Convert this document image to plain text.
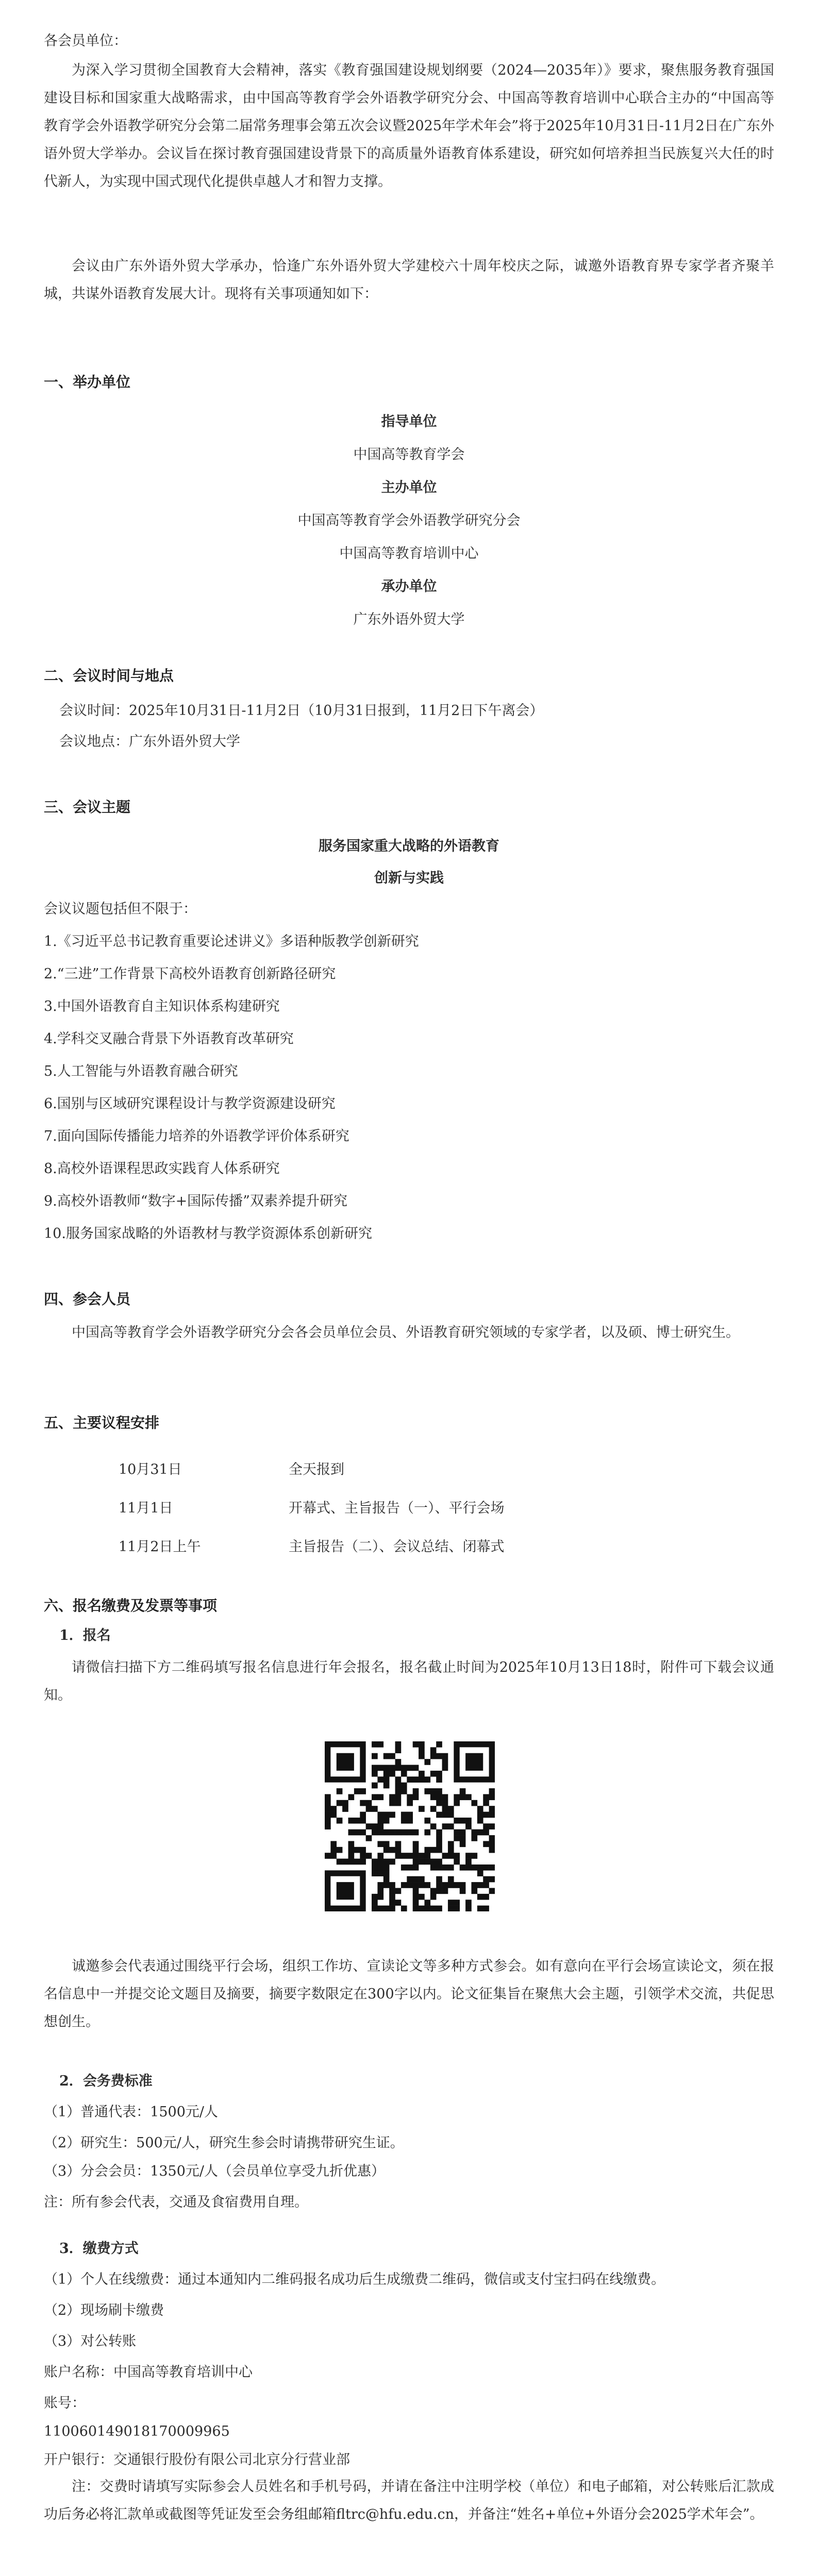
各会员单位：

为深入学习贯彻全国教育大会精神，落实《教育强国建设规划纲要（2024—2035年）》要求，聚焦服务教育强国建设目标和国家重大战略需求，由中国高等教育学会外语教学研究分会、中国高等教育培训中心联合主办的“中国高等教育学会外语教学研究分会第二届常务理事会第五次会议暨2025年学术年会”将于2025年10月31日-11月2日在广东外语外贸大学举办。会议旨在探讨教育强国建设背景下的高质量外语教育体系建设，研究如何培养担当民族复兴大任的时代新人，为实现中国式现代化提供卓越人才和智力支撑。

会议由广东外语外贸大学承办，恰逢广东外语外贸大学建校六十周年校庆之际，诚邀外语教育界专家学者齐聚羊城，共谋外语教育发展大计。现将有关事项通知如下：

一、举办单位
指导单位
中国高等教育学会
主办单位
中国高等教育学会外语教学研究分会
中国高等教育培训中心
承办单位
广东外语外贸大学
二、会议时间与地点
会议时间：2025年10月31日-11月2日（10月31日报到，11月2日下午离会）
会议地点：广东外语外贸大学
三、会议主题
服务国家重大战略的外语教育
创新与实践
会议议题包括但不限于：
1.《习近平总书记教育重要论述讲义》多语种版教学创新研究
2.“三进”工作背景下高校外语教育创新路径研究
3.中国外语教育自主知识体系构建研究
4.学科交叉融合背景下外语教育改革研究
5.人工智能与外语教育融合研究
6.国别与区域研究课程设计与教学资源建设研究
7.面向国际传播能力培养的外语教学评价体系研究
8.高校外语课程思政实践育人体系研究
9.高校外语教师“数字+国际传播”双素养提升研究
10.服务国家战略的外语教材与教学资源体系创新研究
四、参会人员

中国高等教育学会外语教学研究分会各会员单位会员、外语教育研究领域的专家学者，以及硕、博士研究生。

五、主要议程安排
10月31日	全天报到
11月1日	开幕式、主旨报告（一）、平行会场
11月2日上午	主旨报告（二）、会议总结、闭幕式
六、报名缴费及发票等事项
1．报名

请微信扫描下方二维码填写报名信息进行年会报名，报名截止时间为2025年10月13日18时，附件可下载会议通知。

诚邀参会代表通过围绕平行会场，组织工作坊、宣读论文等多种方式参会。如有意向在平行会场宣读论文，须在报名信息中一并提交论文题目及摘要，摘要字数限定在300字以内。论文征集旨在聚焦大会主题，引领学术交流，共促思想创生。

2．会务费标准
（1）普通代表：1500元/人
（2）研究生：500元/人，研究生参会时请携带研究生证。
（3）分会会员：1350元/人（会员单位享受九折优惠）
注：所有参会代表，交通及食宿费用自理。
3．缴费方式
（1）个人在线缴费：通过本通知内二维码报名成功后生成缴费二维码，微信或支付宝扫码在线缴费。
（2）现场刷卡缴费
（3）对公转账
账户名称：中国高等教育培训中心
账号：
110060149018170009965
开户银行：交通银行股份有限公司北京分行营业部

注：交费时请填写实际参会人员姓名和手机号码，并请在备注中注明学校（单位）和电子邮箱，对公转账后汇款成功后务必将汇款单或截图等凭证发至会务组邮箱fltrc@hfu.edu.cn，并备注“姓名+单位+外语分会2025学术年会”。
